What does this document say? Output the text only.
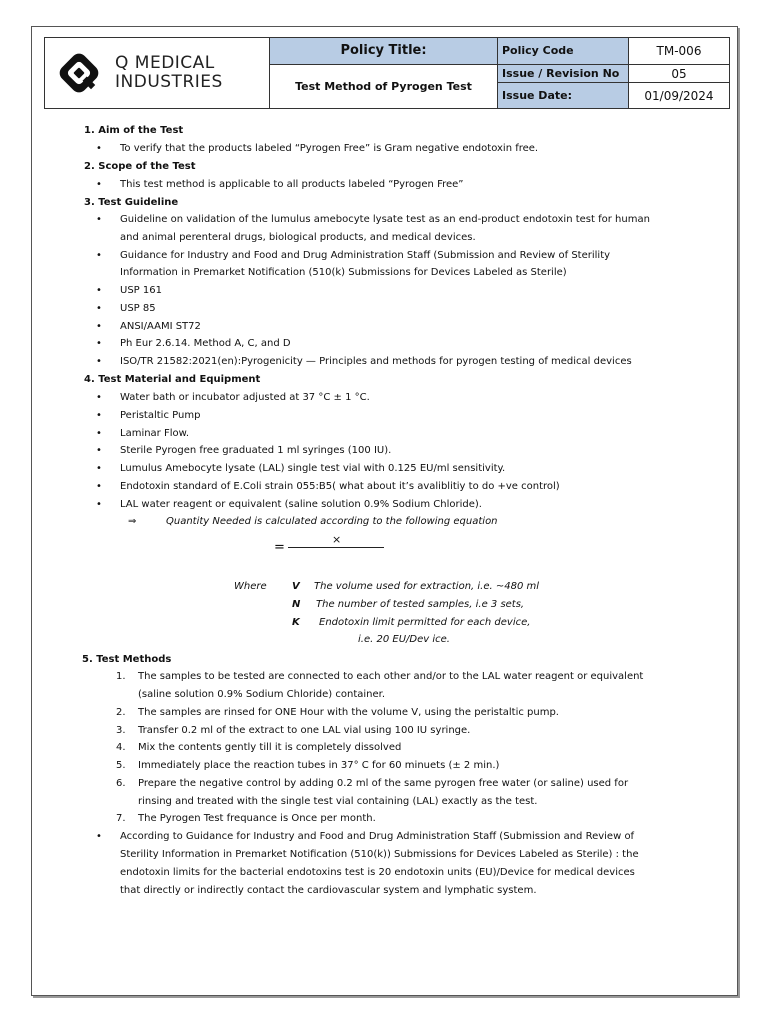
Q MEDICAL
INDUSTRIES	Policy Title:	Policy Code	TM-006
	Test Method of Pyrogen Test	Issue / Revision No	05
		Issue Date:	01/09/2024
1. Aim of the Test
• To verify that the products labeled “Pyrogen Free” is Gram negative endotoxin free.
2. Scope of the Test
• This test method is applicable to all products labeled “Pyrogen Free”
3. Test Guideline
• Guideline on validation of the lumulus amebocyte lysate test as an end-product endotoxin test for human
and animal perenteral drugs, biological products, and medical devices.
• Guidance for Industry and Food and Drug Administration Staff (Submission and Review of Sterility
Information in Premarket Notification (510(k) Submissions for Devices Labeled as Sterile)
• USP 161
• USP 85
• ANSI/AAMI ST72
• Ph Eur 2.6.14. Method A, C, and D
• ISO/TR 21582:2021(en):Pyrogenicity — Principles and methods for pyrogen testing of medical devices
4. Test Material and Equipment
• Water bath or incubator adjusted at 37 °C ± 1 °C.
• Peristaltic Pump
• Laminar Flow.
• Sterile Pyrogen free graduated 1 ml syringes (100 IU).
• Lumulus Amebocyte lysate (LAL) single test vial with 0.125 EU/ml sensitivity.
• Endotoxin standard of E.Coli strain 055:B5( what about it’s avaliblitiy to do +ve control)
• LAL water reagent or equivalent (saline solution 0.9% Sodium Chloride).
⇒	Quantity Needed is calculated according to the following equation
=
×
Where	V The volume used for extraction, i.e. ~480 ml
N The number of tested samples, i.e 3 sets,
K Endotoxin limit permitted for each device,
i.e. 20 EU/Dev ice.
5. Test Methods
1. The samples to be tested are connected to each other and/or to the LAL water reagent or equivalent
(saline solution 0.9% Sodium Chloride) container.
2. The samples are rinsed for ONE Hour with the volume V, using the peristaltic pump.
3. Transfer 0.2 ml of the extract to one LAL vial using 100 IU syringe.
4. Mix the contents gently till it is completely dissolved
5. Immediately place the reaction tubes in 37° C for 60 minuets (± 2 min.)
6. Prepare the negative control by adding 0.2 ml of the same pyrogen free water (or saline) used for
rinsing and treated with the single test vial containing (LAL) exactly as the test.
7. The Pyrogen Test frequance is Once per month.
• According to Guidance for Industry and Food and Drug Administration Staff (Submission and Review of
Sterility Information in Premarket Notification (510(k)) Submissions for Devices Labeled as Sterile) : the
endotoxin limits for the bacterial endotoxins test is 20 endotoxin units (EU)/Device for medical devices
that directly or indirectly contact the cardiovascular system and lymphatic system.
